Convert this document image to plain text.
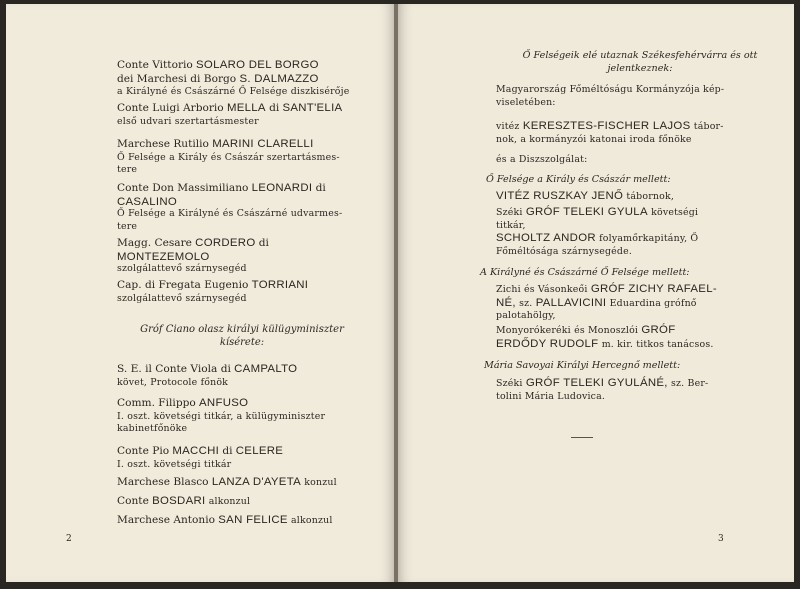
Conte Vittorio SOLARO DEL BORGO
dei Marchesi di Borgo S. DALMAZZO
a Királyné és Császárné Ő Felsége diszkisérője
Conte Luigi Arborio MELLA di SANT'ELIA
első udvari szertartásmester
Marchese Rutilio MARINI CLARELLI
Ő Felsége a Király és Császár szertartásmes-
tere
Conte Don Massimiliano LEONARDI di
CASALINO
Ő Felsége a Királyné és Császárné udvarmes-
tere
Magg. Cesare CORDERO di
MONTEZEMOLO
szolgálattevő szárnysegéd
Cap. di Fregata Eugenio TORRIANI
szolgálattevő szárnysegéd
Gróf Ciano olasz királyi külügyminiszter
kísérete:
S. E. il Conte Viola di CAMPALTO
követ, Protocole főnök
Comm. Filippo ANFUSO
I. oszt. követségi titkár, a külügyminiszter
kabinetfőnöke
Conte Pio MACCHI di CELERE
I. oszt. követségi titkár
Marchese Blasco LANZA D'AYETA konzul
Conte BOSDARI alkonzul
Marchese Antonio SAN FELICE alkonzul
2
Ő Felségeik elé utaznak Székesfehérvárra és ott
jelentkeznek:
Magyarország Főméltóságu Kormányzója kép-
viseletében:
vitéz KERESZTES-FISCHER LAJOS tábor-
nok, a kormányzói katonai iroda főnöke
és a Diszszolgálat:
Ő Felsége a Király és Császár mellett:
VITÉZ RUSZKAY JENŐ tábornok,
Széki GRÓF TELEKI GYULA követségi
titkár,
SCHOLTZ ANDOR folyamőrkapitány, Ő
Főméltósága szárnysegéde.
A Királyné és Császárné Ő Felsége mellett:
Zichi és Vásonkeői GRÓF ZICHY RAFAEL-
NÉ, sz. PALLAVICINI Eduardina grófnő
palotahölgy,
Monyorókeréki és Monoszlói GRÓF
ERDŐDY RUDOLF m. kir. titkos tanácsos.
Mária Savoyai Királyi Hercegnő mellett:
Széki GRÓF TELEKI GYULÁNÉ, sz. Ber-
tolini Mária Ludovica.
3
